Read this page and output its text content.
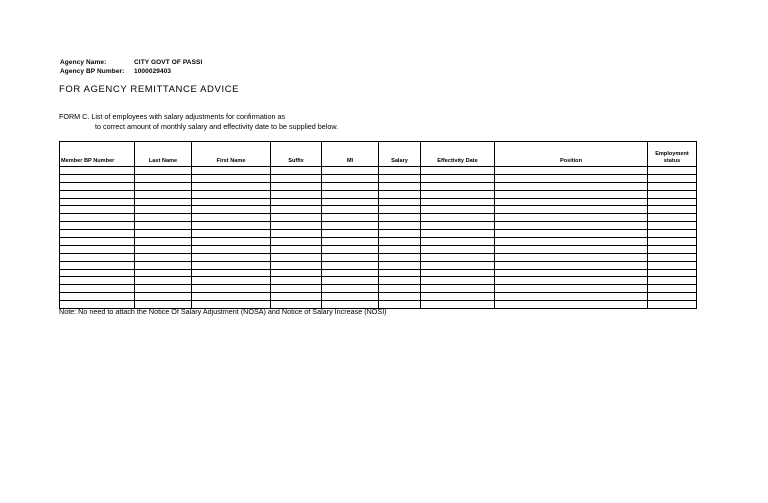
Agency Name:	CITY GOVT OF PASSI
Agency BP Number:	1000029403
FOR AGENCY REMITTANCE ADVICE
FORM C. List of employees with salary adjustments for confirmation as
to correct amount of monthly salary and effectivity date to be supplied below.
Member BP Number	Last Name	First Name	Suffix	MI	Salary	Effectivity Date	Position	Employment status

Note: No need to attach the Notice Of Salary Adjustment (NOSA) and Notice of Salary Increase (NOSI)
